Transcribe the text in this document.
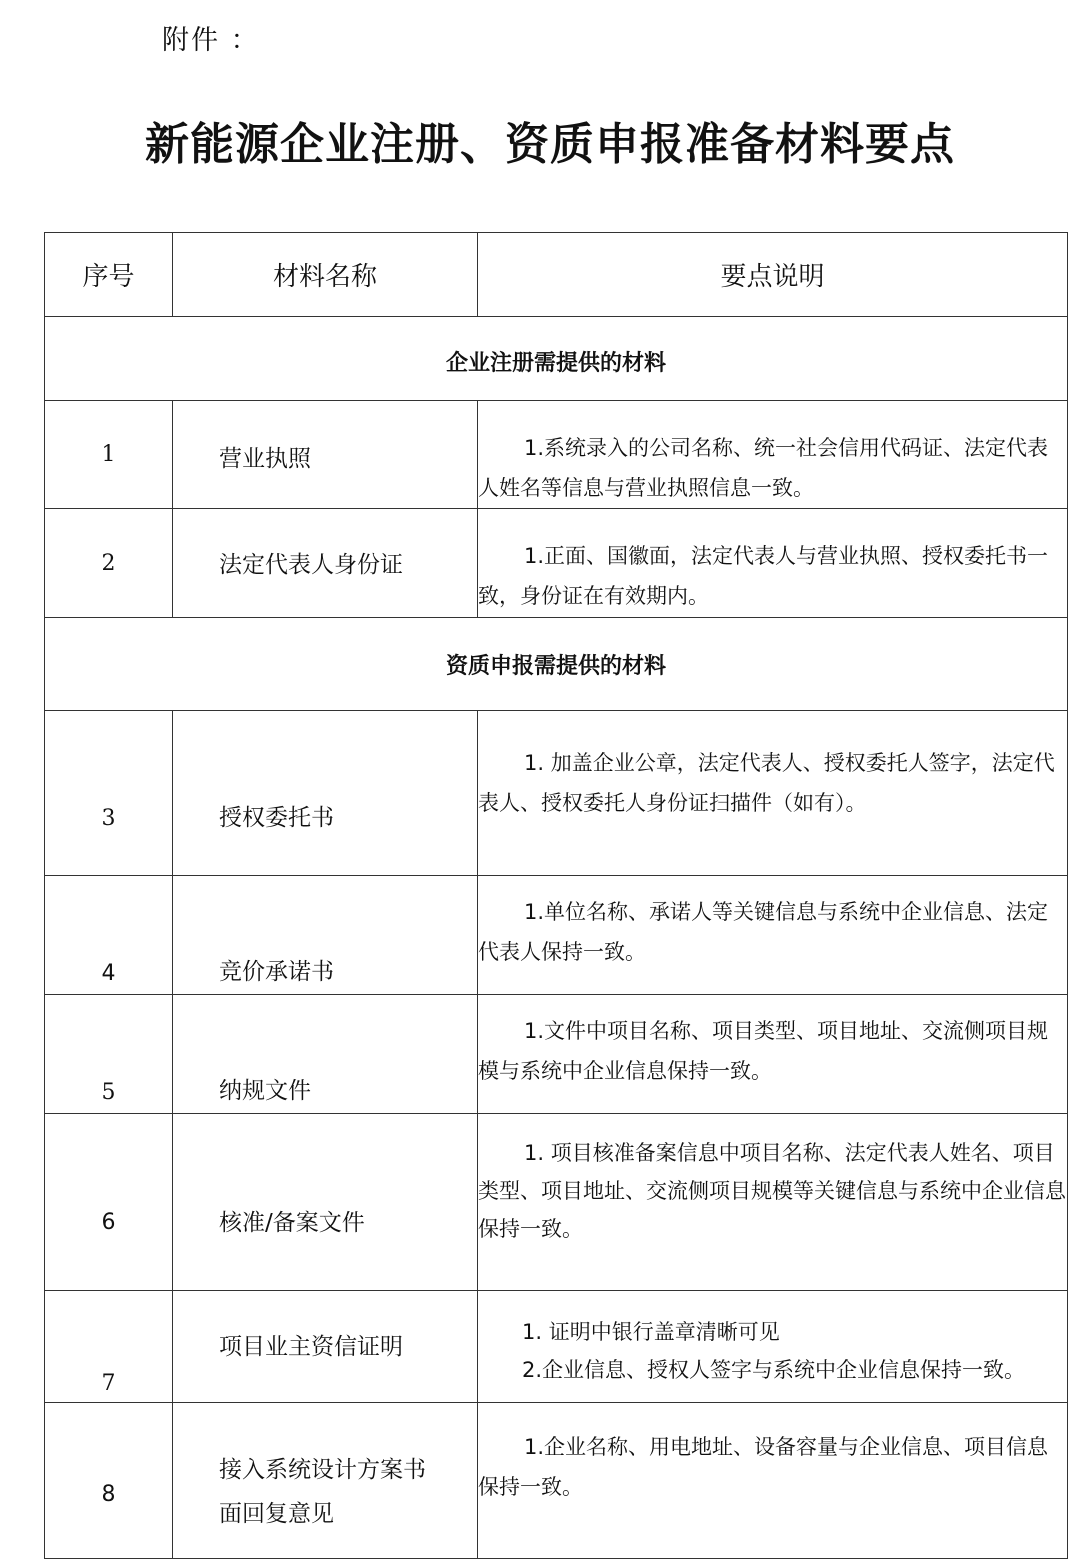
附件 ：
新能源企业注册、资质申报准备材料要点
序号	材料名称	要点说明
企业注册需提供的材料		
1	营业执照	1.系统录入的公司名称、统一社会信用代码证、法定代表人姓名等信息与营业执照信息一致。

2	法定代表人身份证	1.正面、国徽面，法定代表人与营业执照、授权委托书一致，身份证在有效期内。

资质申报需提供的材料		
3	授权委托书	1. 加盖企业公章，法定代表人、授权委托人签字，法定代表人、授权委托人身份证扫描件（如有）。

4	竞价承诺书	1.单位名称、承诺人等关键信息与系统中企业信息、法定代表人保持一致。

5	纳规文件	1.文件中项目名称、项目类型、项目地址、交流侧项目规模与系统中企业信息保持一致。

6	核准/备案文件	1. 项目核准备案信息中项目名称、法定代表人姓名、项目类型、项目地址、交流侧项目规模等关键信息与系统中企业信息保持一致。

7	项目业主资信证明	1. 证明中银行盖章清晰可见
2.企业信息、授权人签字与系统中企业信息保持一致。

8	接入系统设计方案书面回复意见	1.企业名称、用电地址、设备容量与企业信息、项目信息保持一致。
